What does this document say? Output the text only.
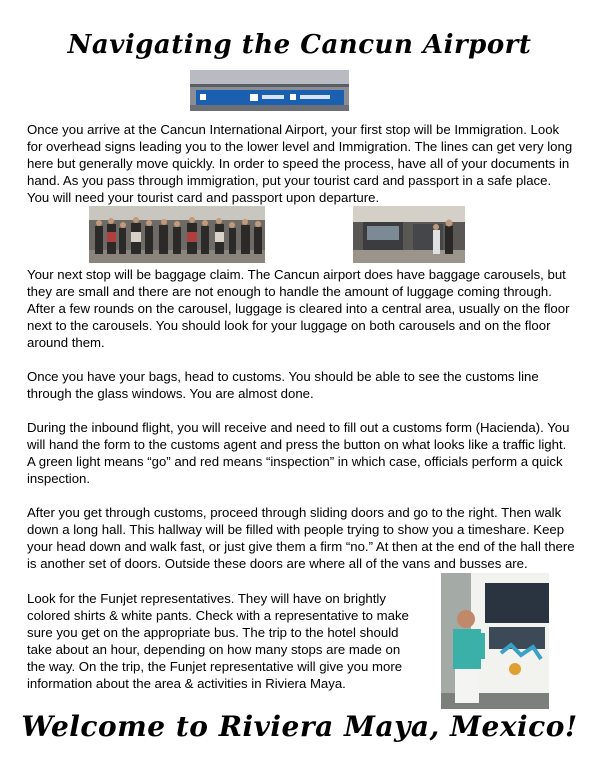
Navigating the Cancun Airport

Once you arrive at the Cancun International Airport, your first stop will be Immigration. Look for overhead signs leading you to the lower level and Immigration. The lines can get very long here but generally move quickly. In order to speed the process, have all of your documents in hand. As you pass through immigration, put your tourist card and passport in a safe place. You will need your tourist card and passport upon departure.

Your next stop will be baggage claim. The Cancun airport does have baggage carousels, but they are small and there are not enough to handle the amount of luggage coming through. After a few rounds on the carousel, luggage is cleared into a central area, usually on the floor next to the carousels. You should look for your luggage on both carousels and on the floor around them.

Once you have your bags, head to customs. You should be able to see the customs line through the glass windows. You are almost done.

During the inbound flight, you will receive and need to fill out a customs form (Hacienda). You will hand the form to the customs agent and press the button on what looks like a traffic light. A green light means “go” and red means “inspection” in which case, officials perform a quick inspection.

After you get through customs, proceed through sliding doors and go to the right. Then walk down a long hall. This hallway will be filled with people trying to show you a timeshare. Keep your head down and walk fast, or just give them a firm “no.” At then at the end of the hall there is another set of doors. Outside these doors are where all of the vans and busses are.

Look for the Funjet representatives. They will have on brightly colored shirts & white pants. Check with a representative to make sure you get on the appropriate bus. The trip to the hotel should take about an hour, depending on how many stops are made on the way. On the trip, the Funjet representative will give you more information about the area & activities in Riviera Maya.

Welcome to Riviera Maya, Mexico!
